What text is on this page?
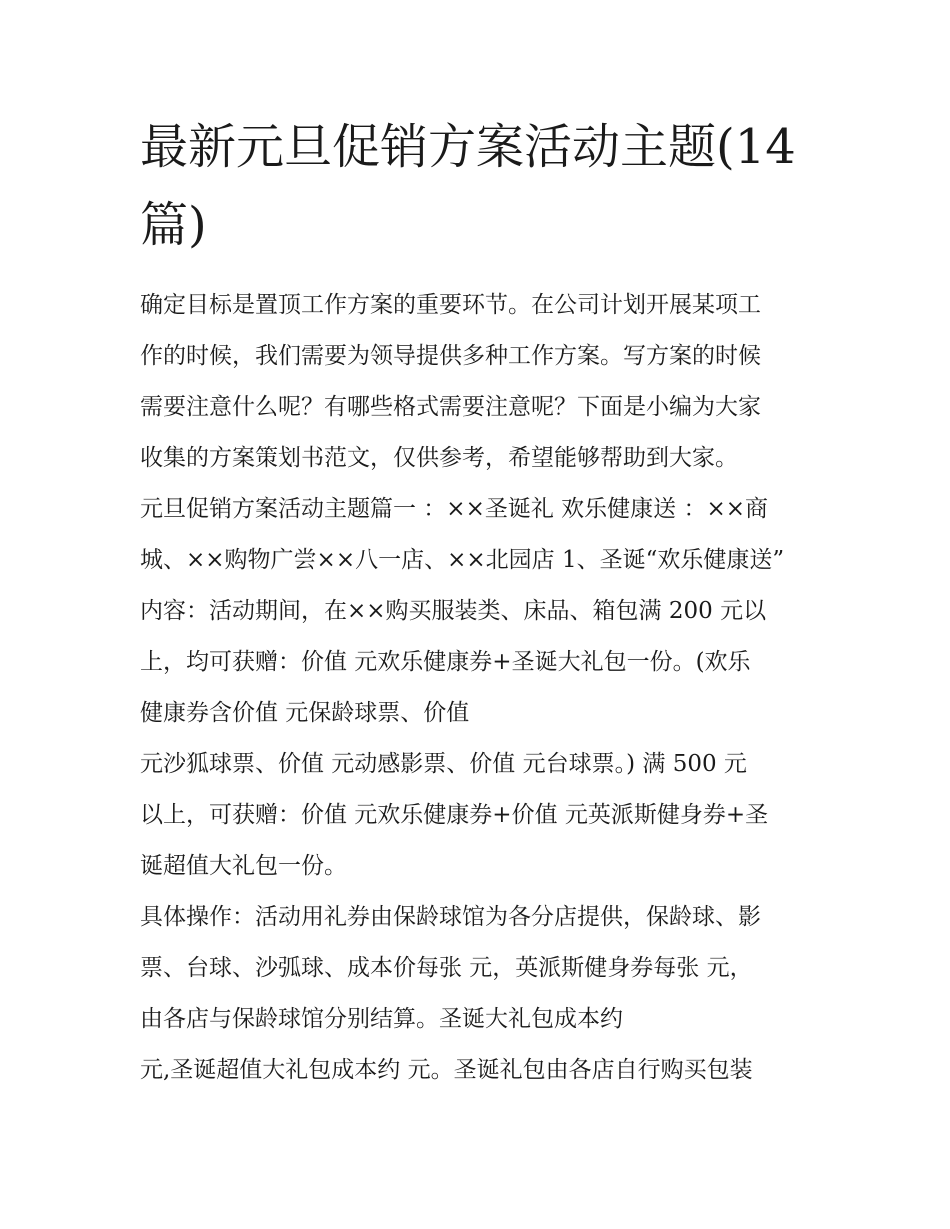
最新元旦促销方案活动主题(14
篇)
确定目标是置顶工作方案的重要环节。在公司计划开展某项工
作的时候，我们需要为领导提供多种工作方案。写方案的时候
需要注意什么呢？有哪些格式需要注意呢？下面是小编为大家
收集的方案策划书范文，仅供参考，希望能够帮助到大家。
元旦促销方案活动主题篇一 ：××圣诞礼 欢乐健康送 ：××商
城、××购物广尝××八一店、××北园店 1、圣诞“欢乐健康送”
内容：活动期间，在××购买服装类、床品、箱包满 200 元以
上，均可获赠：价值 元欢乐健康券+圣诞大礼包一份。(欢乐
健康券含价值 元保龄球票、价值
元沙狐球票、价值 元动感影票、价值 元台球票。) 满 500 元
以上，可获赠：价值 元欢乐健康券+价值 元英派斯健身券+圣
诞超值大礼包一份。
具体操作：活动用礼券由保龄球馆为各分店提供，保龄球、影
票、台球、沙弧球、成本价每张 元，英派斯健身券每张 元，
由各店与保龄球馆分别结算。圣诞大礼包成本约
元,圣诞超值大礼包成本约 元。圣诞礼包由各店自行购买包装
